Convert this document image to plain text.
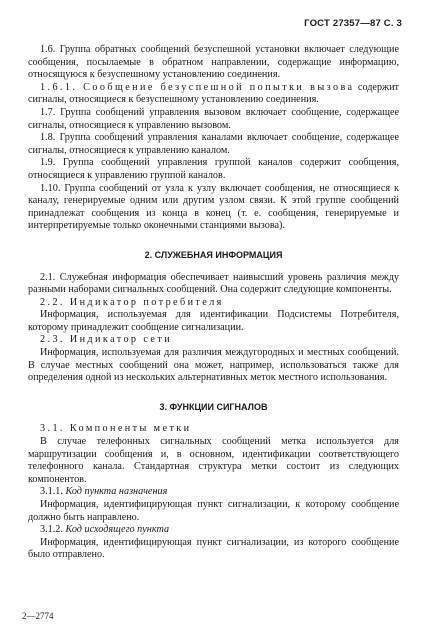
ГОСТ 27357—87 С. 3

1.6. Группа обратных сообщений безуспешной установки включает следующие сообщения, посылаемые в обратном направлении, содержащие информацию, относящуюся к безуспешному установлению соединения.

1.6.1. Сообщение безуспешной попытки вызова содержит сигналы, относящиеся к безуспешному установлению соединения.

1.7. Группа сообщений управления вызовом включает сообщение, содержащее сигналы, относящиеся к управлению вызовом.

1.8. Группа сообщений управления каналами включает сообщение, содержащее сигналы, относящиеся к управлению каналом.

1.9. Группа сообщений управления группой каналов содержит сообщения, относящиеся к управлению группой каналов.

1.10. Группа сообщений от узла к узлу включает сообщения, не относящиеся к каналу, генерируемые одним или другим узлом связи. К этой группе сообщений принадлежат сообщения из конца в конец (т. е. сообщения, генерируемые и интерпретируемые только оконечными станциями вызова).

2. СЛУЖЕБНАЯ ИНФОРМАЦИЯ

2.1. Служебная информация обеспечивает наивысший уровень различия между разными наборами сигнальных сообщений. Она содержит следующие компоненты.

2.2. Индикатор потребителя

Информация, используемая для идентификации Подсистемы Потребителя, которому принадлежит сообщение сигнализации.

2.3. Индикатор сети

Информация, используемая для различия междугородных и местных сообщений. В случае местных сообщений она может, например, использоваться также для определения одной из нескольких альтернативных меток местного использования.

3. ФУНКЦИИ СИГНАЛОВ

3.1. Компоненты метки

В случае телефонных сигнальных сообщений метка используется для маршрутизации сообщения и, в основном, идентификации соответствующего телефонного канала. Стандартная структура метки состоит из следующих компонентов.

3.1.1. Код пункта назначения

Информация, идентифицирующая пункт сигнализации, к которому сообщение должно быть направлено.

3.1.2. Код исходящего пункта

Информация, идентифицирующая пункт сигнализации, из которого сообщение было отправлено.

2—2774
